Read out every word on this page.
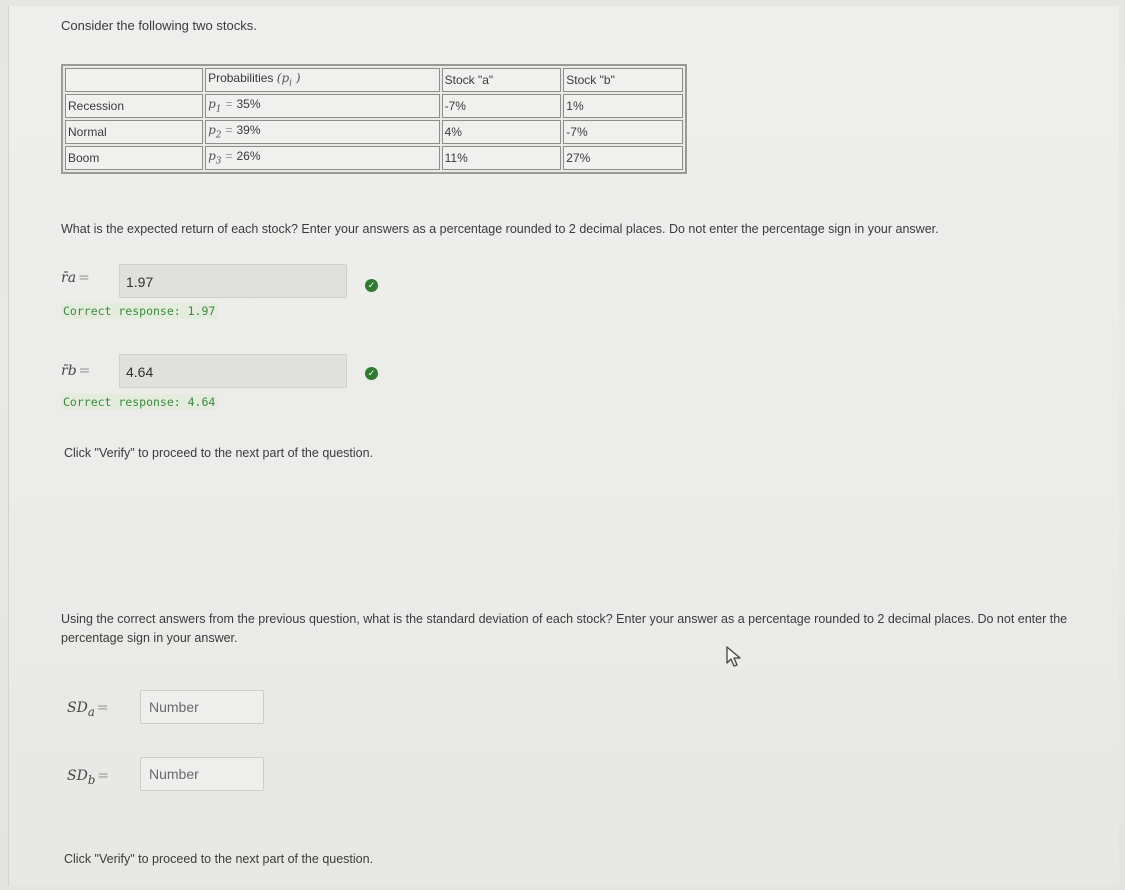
Consider the following two stocks.
	Probabilities ($p_i$ )	Stock "a"	Stock "b"
Recession	$p_1 = 35\%$	-7%	1%
Normal	$p_2 = 39\%$	4%	-7%
Boom	$p_3 = 26\%$	11%	27%
What is the expected return of each stock? Enter your answers as a percentage rounded to 2 decimal places. Do not enter the percentage sign in your answer.
r̄a =	1.97	✓
Correct response: 1.97
r̄b =	4.64	✓
Correct response: 4.64
Click "Verify" to proceed to the next part of the question.
Using the correct answers from the previous question, what is the standard deviation of each stock? Enter your answer as a percentage rounded to 2 decimal places. Do not enter the percentage sign in your answer.
$SD_a$ =
Number
$SD_b$ =
Number
Click "Verify" to proceed to the next part of the question.
